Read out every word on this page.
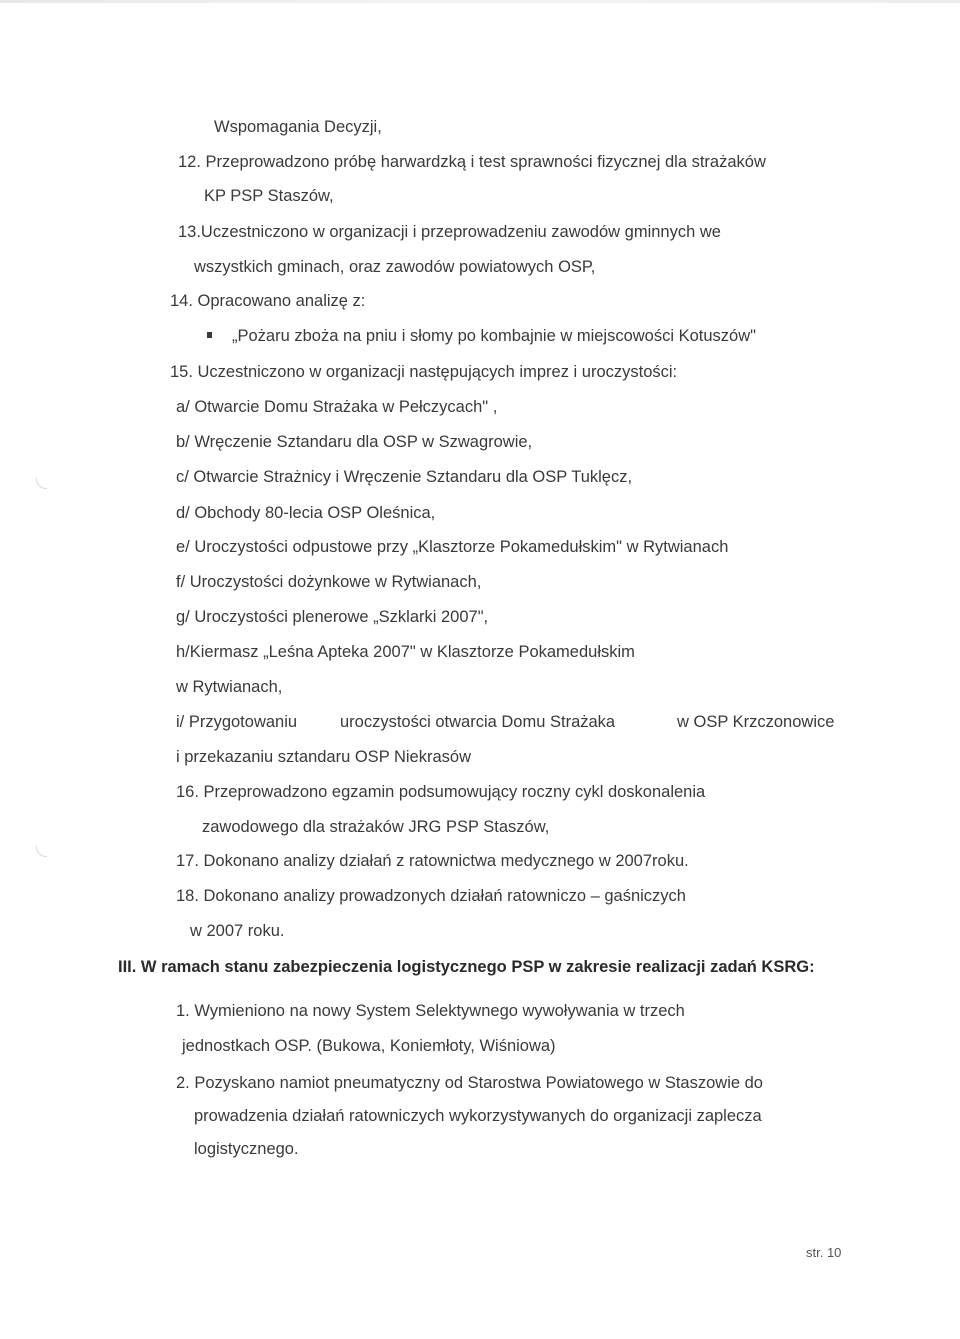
Wspomagania Decyzji,
12. Przeprowadzono próbę harwardzką i test sprawności fizycznej dla strażaków
KP PSP Staszów,
13.Uczestniczono w organizacji i przeprowadzeniu zawodów gminnych we
wszystkich gminach, oraz zawodów powiatowych OSP,
14. Opracowano analizę z:
„Pożaru zboża na pniu i słomy po kombajnie w miejscowości Kotuszów"
15. Uczestniczono w organizacji następujących imprez i uroczystości:
a/ Otwarcie Domu Strażaka w Pełczycach" ,
b/ Wręczenie Sztandaru dla OSP w Szwagrowie,
c/ Otwarcie Strażnicy i Wręczenie Sztandaru dla OSP Tuklęcz,
d/ Obchody 80-lecia OSP Oleśnica,
e/ Uroczystości odpustowe przy „Klasztorze Pokamedułskim" w Rytwianach
f/ Uroczystości dożynkowe w Rytwianach,
g/ Uroczystości plenerowe „Szklarki 2007",
h/Kiermasz „Leśna Apteka 2007" w Klasztorze Pokamedułskim
w Rytwianach,
i/ Przygotowaniu	uroczystości otwarcia Domu Strażaka	w OSP Krzczonowice
i przekazaniu sztandaru OSP Niekrasów
16. Przeprowadzono egzamin podsumowujący roczny cykl doskonalenia
zawodowego dla strażaków JRG PSP Staszów,
17. Dokonano analizy działań z ratownictwa medycznego w 2007roku.
18. Dokonano analizy prowadzonych działań ratowniczo – gaśniczych
w 2007 roku.
III. W ramach stanu zabezpieczenia logistycznego PSP w zakresie realizacji zadań KSRG:
1. Wymieniono na nowy System Selektywnego wywoływania w trzech
jednostkach OSP. (Bukowa, Koniemłoty, Wiśniowa)
2. Pozyskano namiot pneumatyczny od Starostwa Powiatowego w Staszowie do
prowadzenia działań ratowniczych wykorzystywanych do organizacji zaplecza
logistycznego.
str. 10
